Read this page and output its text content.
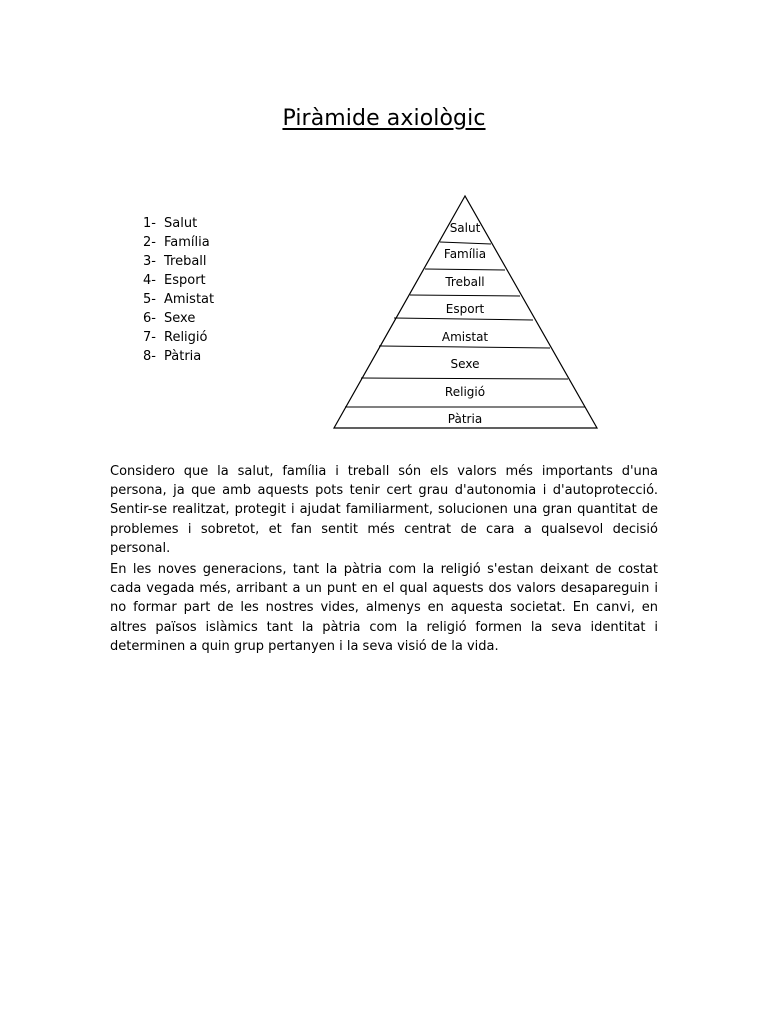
Piràmide axiològic
1 - Salut
2 - Família
3 - Treball
4 - Esport
5 - Amistat
6 - Sexe
7 - Religió
8 - Pàtria
Salut
Família
Treball
Esport
Amistat
Sexe
Religió
Pàtria

Considero que la salut, família i treball són els valors més importants d'una persona, ja que amb aquests pots tenir cert grau d'autonomia i d'autoprotecció. Sentir-se realitzat, protegit i ajudat familiarment, solucionen una gran quantitat de problemes i sobretot, et fan sentit més centrat de cara a qualsevol decisió personal.

En les noves generacions, tant la pàtria com la religió s'estan deixant de costat cada vegada més, arribant a un punt en el qual aquests dos valors desapareguin i no formar part de les nostres vides, almenys en aquesta societat. En canvi, en altres països islàmics tant la pàtria com la religió formen la seva identitat i determinen a quin grup pertanyen i la seva visió de la vida.
